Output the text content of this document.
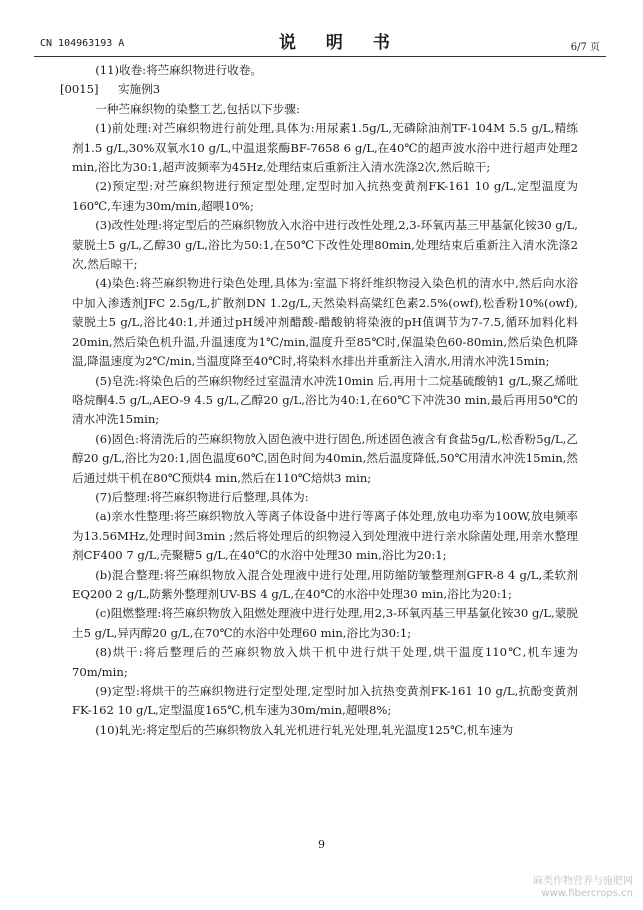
CN 104963193 A	说 明 书	6/7 页

(11)收卷:将苎麻织物进行收卷。

[0015] 实施例3

一种苎麻织物的染整工艺,包括以下步骤:

(1)前处理:对苎麻织物进行前处理,具体为:用尿素1.5g/L,无磷除油剂TF-104M 5.5 g/L,精练剂1.5 g/L,30%双氧水10 g/L,中温退浆酶BF-7658 6 g/L,在40℃的超声波水浴中进行超声处理2 min,浴比为30:1,超声波频率为45Hz,处理结束后重新注入清水洗涤2次,然后晾干;

(2)预定型:对苎麻织物进行预定型处理,定型时加入抗热变黄剂FK-161 10 g/L,定型温度为160℃,车速为30m/min,超喂10%;

(3)改性处理:将定型后的苎麻织物放入水浴中进行改性处理,2,3-环氧丙基三甲基氯化铵30 g/L,蒙脱土5 g/L,乙醇30 g/L,浴比为50:1,在50℃下改性处理80min,处理结束后重新注入清水洗涤2次,然后晾干;

(4)染色:将苎麻织物进行染色处理,具体为:室温下将纤维织物浸入染色机的清水中,然后向水浴中加入渗透剂JFC 2.5g/L,扩散剂DN 1.2g/L,天然染料高粱红色素2.5%(owf),松香粉10%(owf),蒙脱土5 g/L,浴比40:1,并通过pH缓冲剂醋酸-醋酸钠将染液的pH值调节为7-7.5,循环加料化料20min,然后染色机升温,升温速度为1℃/min,温度升至85℃时,保温染色60-80min,然后染色机降温,降温速度为2℃/min,当温度降至40℃时,将染料水排出并重新注入清水,用清水冲洗15min;

(5)皂洗:将染色后的苎麻织物经过室温清水冲洗10min 后,再用十二烷基硫酸钠1 g/L,聚乙烯吡咯烷酮4.5 g/L,AEO-9 4.5 g/L,乙醇20 g/L,浴比为40:1,在60℃下冲洗30 min,最后再用50℃的清水冲洗15min;

(6)固色:将清洗后的苎麻织物放入固色液中进行固色,所述固色液含有食盐5g/L,松香粉5g/L,乙醇20 g/L,浴比为20:1,固色温度60℃,固色时间为40min,然后温度降低,50℃用清水冲洗15min,然后通过烘干机在80℃预烘4 min,然后在110℃焙烘3 min;

(7)后整理:将苎麻织物进行后整理,具体为:

(a)亲水性整理:将苎麻织物放入等离子体设备中进行等离子体处理,放电功率为100W,放电频率为13.56MHz,处理时间3min ;然后将处理后的织物浸入到处理液中进行亲水除菌处理,用亲水整理剂CF400 7 g/L,壳聚糖5 g/L,在40℃的水浴中处理30 min,浴比为20:1;

(b)混合整理:将苎麻织物放入混合处理液中进行处理,用防缩防皱整理剂GFR-8 4 g/L,柔软剂EQ200 2 g/L,防紫外整理剂UV-BS 4 g/L,在40℃的水浴中处理30 min,浴比为20:1;

(c)阻燃整理:将苎麻织物放入阻燃处理液中进行处理,用2,3-环氧丙基三甲基氯化铵30 g/L,蒙脱土5 g/L,异丙醇20 g/L,在70℃的水浴中处理60 min,浴比为30:1;

(8)烘干:将后整理后的苎麻织物放入烘干机中进行烘干处理,烘干温度110℃,机车速为70m/min;

(9)定型:将烘干的苎麻织物进行定型处理,定型时加入抗热变黄剂FK-161 10 g/L,抗酚变黄剂FK-162 10 g/L,定型温度165℃,机车速为30m/min,超喂8%;

(10)轧光:将定型后的苎麻织物放入轧光机进行轧光处理,轧光温度125℃,机车速为

9
麻类作物营养与施肥网
www.fibercrops.cn
